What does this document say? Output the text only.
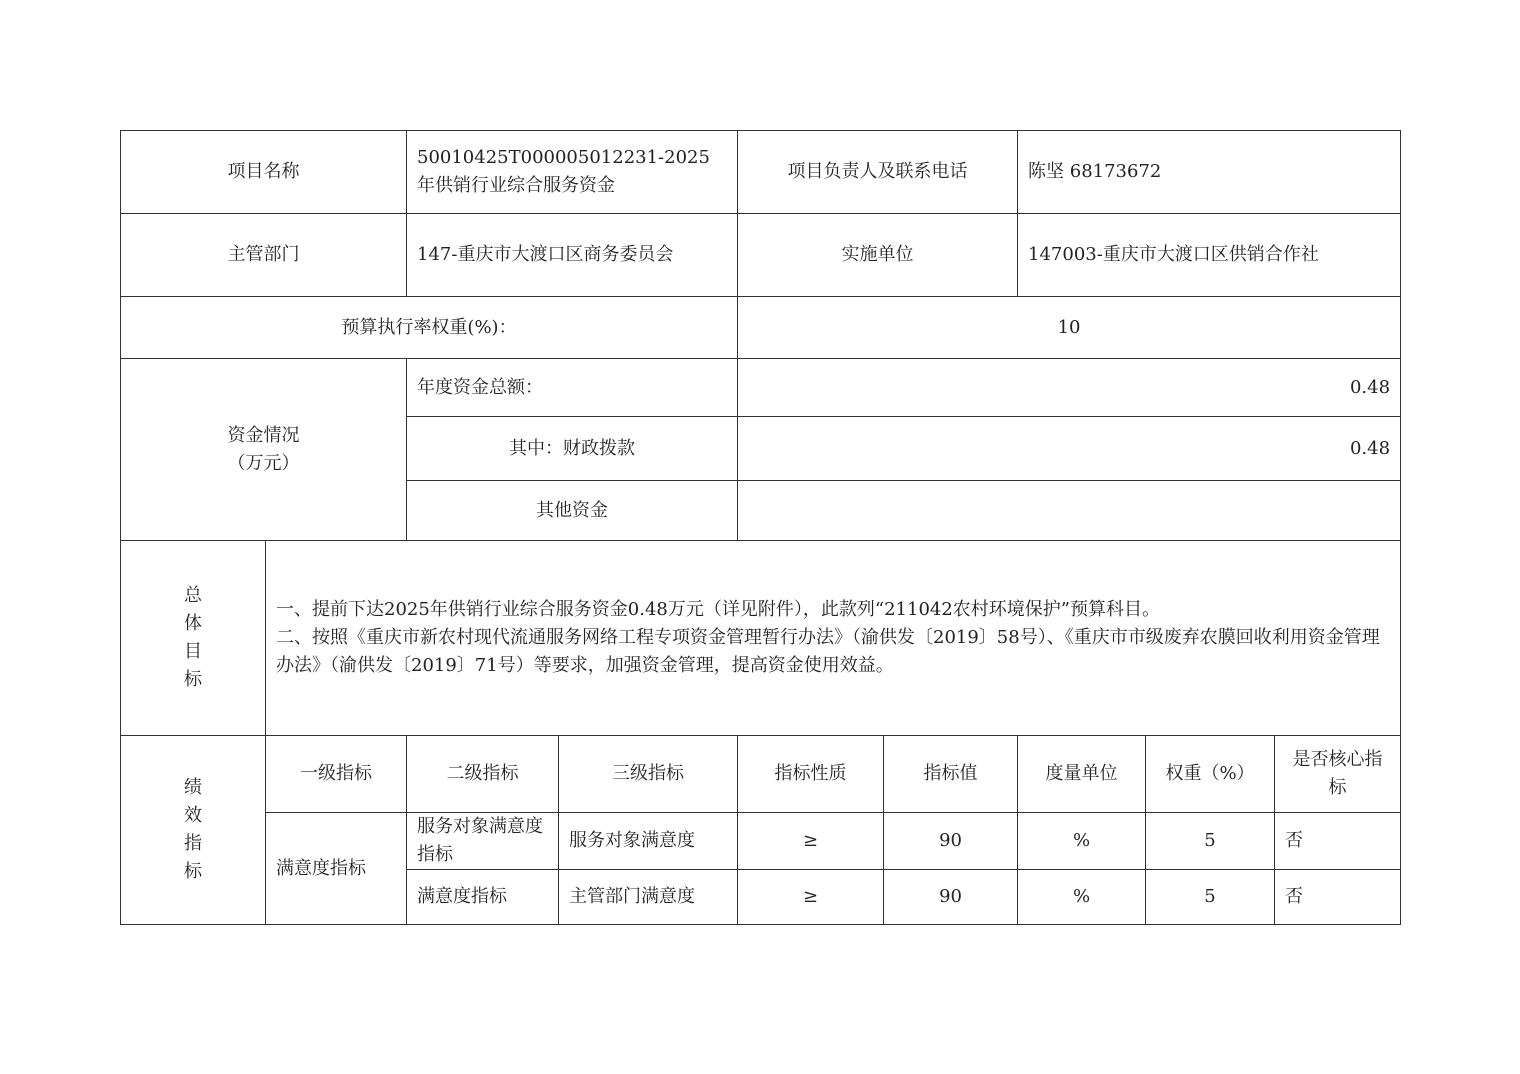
项目名称		50010425T000005012231-2025年供销行业综合服务资金		项目负责人及联系电话		陈坚 68173672		
主管部门		147-重庆市大渡口区商务委员会		实施单位		147003-重庆市大渡口区供销合作社		
预算执行率权重(%)：				10				

资金情况
（万元）		年度资金总额：		0.48				
		其中：财政拨款		0.48				
		其他资金						
总体目标	一、提前下达2025年供销行业综合服务资金0.48万元（详见附件），此款列“211042农村环境保护”预算科目。
二、按照《重庆市新农村现代流通服务网络工程专项资金管理暂行办法》（渝供发〔2019〕58号）、《重庆市市级废弃农膜回收利用资金管理办法》（渝供发〔2019〕71号）等要求，加强资金管理，提高资金使用效益。							

绩效指标	一级指标	二级指标	三级指标	指标性质	指标值	度量单位	权重（%）	是否核心指标
	满意度指标	服务对象满意度指标	服务对象满意度	≥	90	%	5	否
		满意度指标	主管部门满意度	≥	90	%	5	否
